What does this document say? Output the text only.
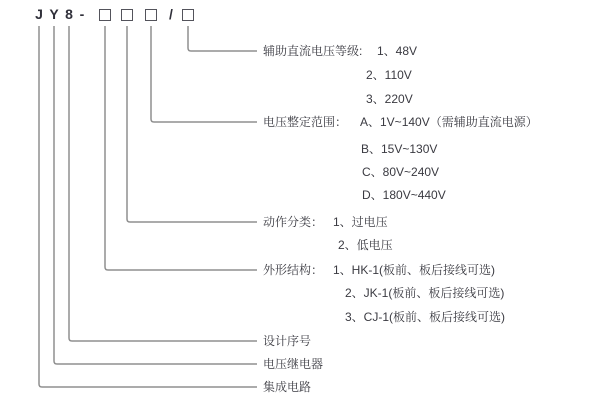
J Y 8 -	/
辅助直流电压等级: 1、48V
2、110V
3、220V
电压整定范围： A、1V~140V（需辅助直流电源）
B、15V~130V
C、80V~240V
D、180V~440V
动作分类： 1、过电压
2、低电压
外形结构： 1、HK-1(板前、板后接线可选)
2、JK-1(板前、板后接线可选)
3、CJ-1(板前、板后接线可选)
设计序号
电压继电器
集成电路
